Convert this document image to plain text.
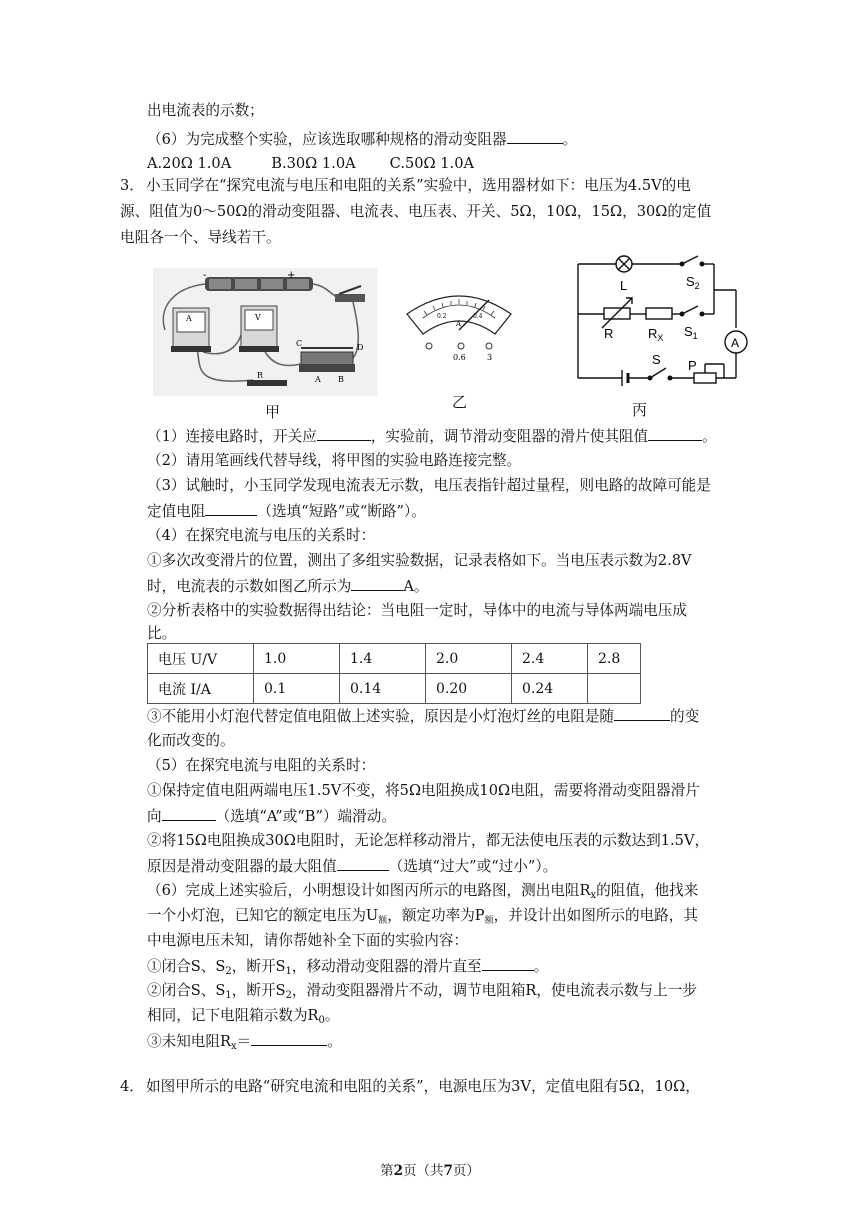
出电流表的示数；
（6）为完成整个实验，应该选取哪种规格的滑动变阻器	。
A.20Ω 1.0A	B.30Ω 1.0A C.50Ω 1.0A
3． 小玉同学在“探究电流与电压和电阻的关系”实验中，选用器材如下：电压为4.5V的电
源、阻值为0～50Ω的滑动变阻器、电流表、电压表、开关、5Ω，10Ω，15Ω，30Ω的定值
电阻各一个、导线若干。
-	+
A	V
C	D
A B
R
甲
0.2	0.4
A
0.6	3
乙
L	$S_2$
R	$R_X$ $S_1$	A
S P
丙
（1）连接电路时，开关应	，实验前，调节滑动变阻器的滑片使其阻值	。
（2）请用笔画线代替导线，将甲图的实验电路连接完整。
（3）试触时，小玉同学发现电流表无示数，电压表指针超过量程，则电路的故障可能是
定值电阻	（选填“短路”或“断路”）。
（4）在探究电流与电压的关系时：
①多次改变滑片的位置，测出了多组实验数据，记录表格如下。当电压表示数为2.8V
时，电流表的示数如图乙所示为	A。
②分析表格中的实验数据得出结论：当电阻一定时，导体中的电流与导体两端电压成
比。
电压 U/V	1.0	1.4	2.0	2.4	2.8
电流 I/A	0.1	0.14	0.20	0.24	
③不能用小灯泡代替定值电阻做上述实验，原因是小灯泡灯丝的电阻是随	的变
化而改变的。
（5）在探究电流与电阻的关系时：
①保持定值电阻两端电压1.5V不变，将5Ω电阻换成10Ω电阻，需要将滑动变阻器滑片
向	（选填“A”或“B”）端滑动。
②将15Ω电阻换成30Ω电阻时，无论怎样移动滑片，都无法使电压表的示数达到1.5V，
原因是滑动变阻器的最大阻值	（选填“过大”或“过小”）。
（6）完成上述实验后，小明想设计如图丙所示的电路图，测出电阻$R_x$的阻值，他找来
一个小灯泡，已知它的额定电压为$U_额$，额定功率为$P_额$，并设计出如图所示的电路，其
中电源电压未知，请你帮她补全下面的实验内容：
①闭合S、$S_2$，断开$S_1$，移动滑动变阻器的滑片直至	。
②闭合S、$S_1$，断开$S_2$，滑动变阻器滑片不动，调节电阻箱R，使电流表示数与上一步
相同，记下电阻箱示数为$R_0$。
③未知电阻$R_x=$	。
4． 如图甲所示的电路“研究电流和电阻的关系”，电源电压为3V，定值电阻有5Ω，10Ω，
第2页（共7页）
